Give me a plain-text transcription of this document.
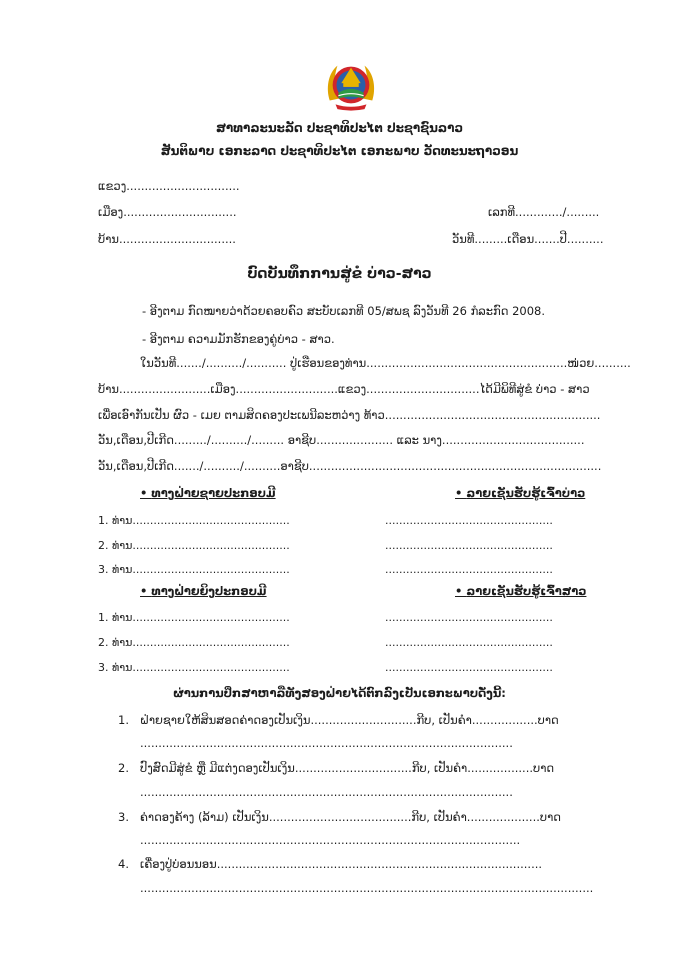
ສາທາລະນະລັດ ປະຊາທິປະໄຕ ປະຊາຊົນລາວ
ສັນຕິພາບ ເອກະລາດ ປະຊາທິປະໄຕ ເອກະພາບ ວັດທະນະຖາວອນ
ແຂວງ...............................
ເມືອງ...............................
ບ້ານ................................
ເລກທີ............./.........
ວັນທີ.........ເດືອນ.......ປີ..........
ບົດບັນທຶກການສູ່ຂໍ ບ່າວ-ສາວ
- ອີງຕາມ ກົດໝາຍວ່າດ້ວຍຄອບຄົວ ສະບັບເລກທີ 05/ສພຊ ລົງວັນທີ 26 ກໍລະກົດ 2008.
- ອີງຕາມ ຄວາມມັກຮັກຂອງຄູ່ບ່າວ - ສາວ.
ໃນວັນທີ......./........../........... ປູ່ເຮືອນຂອງທ່ານ.......................................................ໜ່ວຍ..........
ບ້ານ.........................ເມືອງ............................ແຂວງ...............................ໄດ້ມີພິທີສູ່ຂໍ ບ່າວ - ສາວ
ເພື່ອເອົາກັນເປັນ ຜົວ - ເມຍ ຕາມສິດຄອງປະເພນີລະຫວ່າງ ທ້າວ...........................................................
ວັນ,ເດືອນ,ປີເກີດ........./........../......... ອາຊີບ..................... ແລະ ນາງ.......................................
ວັນ,ເດືອນ,ປີເກີດ......./........../..........ອາຊີບ................................................................................
• ທາງຝ່າຍຊາຍປະກອບມີ	• ລາຍເຊັນຮັບຮູ້ເຈົ້າບ່າວ
1. ທ່ານ.............................................
2. ທ່ານ.............................................
3. ທ່ານ.............................................
................................................
................................................
................................................
• ທາງຝ່າຍຍິງປະກອບມີ	• ລາຍເຊັນຮັບຮູ້ເຈົ້າສາວ
1. ທ່ານ.............................................
2. ທ່ານ.............................................
3. ທ່ານ.............................................
................................................
................................................
................................................
ຜ່ານການປຶກສາຫາລືທັງສອງຝ່າຍໄດ້ຕົກລົງເປັນເອກະພາບດັ່ງນີ້:
1. ຝ່າຍຊາຍໃຫ້ສິນສອດຄ່າດອງເປັນເງິນ.............................ກີບ, ເປັນຄໍາ..................ບາດ
......................................................................................................
2. ປົງສົດມີສູ່ຂໍ ຫຼື ມີແຕ່ງດອງເປັນເງິນ................................ກີບ, ເປັນຄໍາ..................ບາດ
......................................................................................................
3. ຄ່າດອງຄ້າງ (ລ້າມ) ເປັນເງິນ.......................................ກີບ, ເປັນຄໍາ....................ບາດ
........................................................................................................
4. ເຄື່ອງປູ່ບ່ອນນອນ.........................................................................................
............................................................................................................................
